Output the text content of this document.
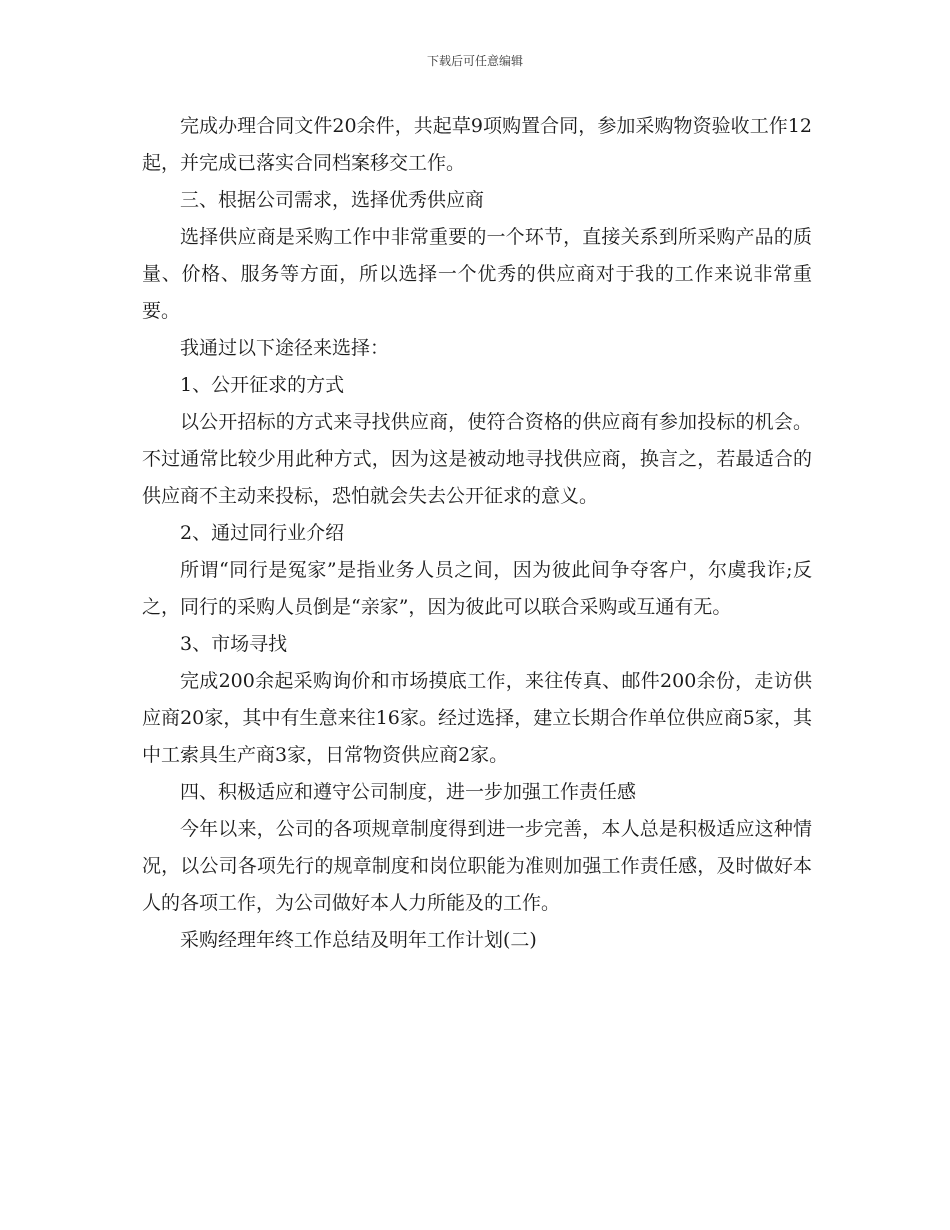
下载后可任意编辑

完成办理合同文件20余件，共起草9项购置合同，参加采购物资验收工作12起，并完成已落实合同档案移交工作。

三、根据公司需求，选择优秀供应商

选择供应商是采购工作中非常重要的一个环节，直接关系到所采购产品的质量、价格、服务等方面，所以选择一个优秀的供应商对于我的工作来说非常重要。

我通过以下途径来选择：

1、公开征求的方式

以公开招标的方式来寻找供应商，使符合资格的供应商有参加投标的机会。不过通常比较少用此种方式，因为这是被动地寻找供应商，换言之，若最适合的供应商不主动来投标，恐怕就会失去公开征求的意义。

2、通过同行业介绍

所谓“同行是冤家”是指业务人员之间，因为彼此间争夺客户，尔虞我诈;反之，同行的采购人员倒是“亲家”，因为彼此可以联合采购或互通有无。

3、市场寻找

完成200余起采购询价和市场摸底工作，来往传真、邮件200余份，走访供应商20家，其中有生意来往16家。经过选择，建立长期合作单位供应商5家，其中工索具生产商3家，日常物资供应商2家。

四、积极适应和遵守公司制度，进一步加强工作责任感

今年以来，公司的各项规章制度得到进一步完善，本人总是积极适应这种情况，以公司各项先行的规章制度和岗位职能为准则加强工作责任感，及时做好本人的各项工作，为公司做好本人力所能及的工作。

采购经理年终工作总结及明年工作计划(二)
